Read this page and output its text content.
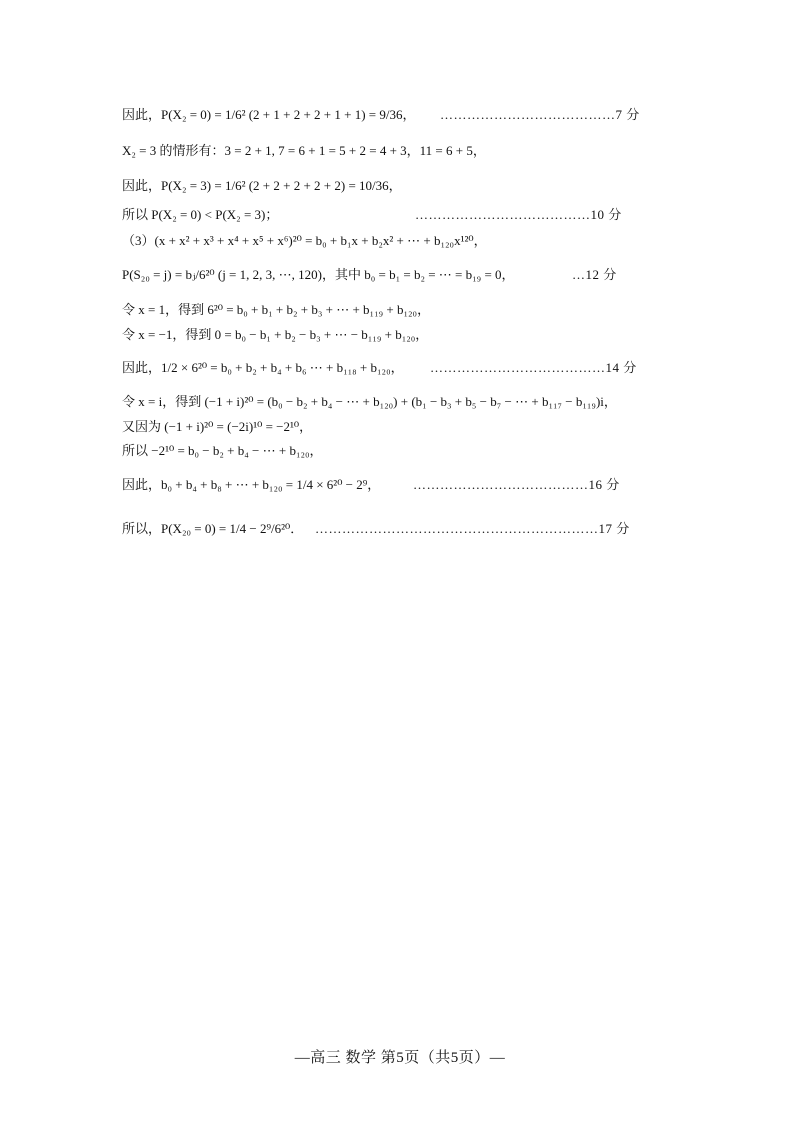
因此，P(X₂ = 0) = 1/6² (2 + 1 + 2 + 2 + 1 + 1) = 9/36， …………………………………7 分
X₂ = 3 的情形有：3 = 2 + 1, 7 = 6 + 1 = 5 + 2 = 4 + 3，11 = 6 + 5，
因此，P(X₂ = 3) = 1/6² (2 + 2 + 2 + 2 + 2) = 10/36，
所以 P(X₂ = 0) < P(X₂ = 3)；	…………………………………10 分
（3）(x + x² + x³ + x⁴ + x⁵ + x⁶)²⁰ = b₀ + b₁x + b₂x² + ⋯ + b₁₂₀x¹²⁰，
P(S₂₀ = j) = bⱼ/6²⁰ (j = 1, 2, 3, ⋯, 120)，其中 b₀ = b₁ = b₂ = ⋯ = b₁₉ = 0，	…12 分
令 x = 1，得到 6²⁰ = b₀ + b₁ + b₂ + b₃ + ⋯ + b₁₁₉ + b₁₂₀，
令 x = −1，得到 0 = b₀ − b₁ + b₂ − b₃ + ⋯ − b₁₁₉ + b₁₂₀，
因此，1/2 × 6²⁰ = b₀ + b₂ + b₄ + b₆ ⋯ + b₁₁₈ + b₁₂₀， …………………………………14 分
令 x = i，得到 (−1 + i)²⁰ = (b₀ − b₂ + b₄ − ⋯ + b₁₂₀) + (b₁ − b₃ + b₅ − b₇ − ⋯ + b₁₁₇ − b₁₁₉)i，
又因为 (−1 + i)²⁰ = (−2i)¹⁰ = −2¹⁰，
所以 −2¹⁰ = b₀ − b₂ + b₄ − ⋯ + b₁₂₀，
因此，b₀ + b₄ + b₈ + ⋯ + b₁₂₀ = 1/4 × 6²⁰ − 2⁹，	…………………………………16 分
所以，P(X₂₀ = 0) = 1/4 − 2⁹/6²⁰． ………………………………………………………17 分
—高三 数学 第5页（共5页）—
